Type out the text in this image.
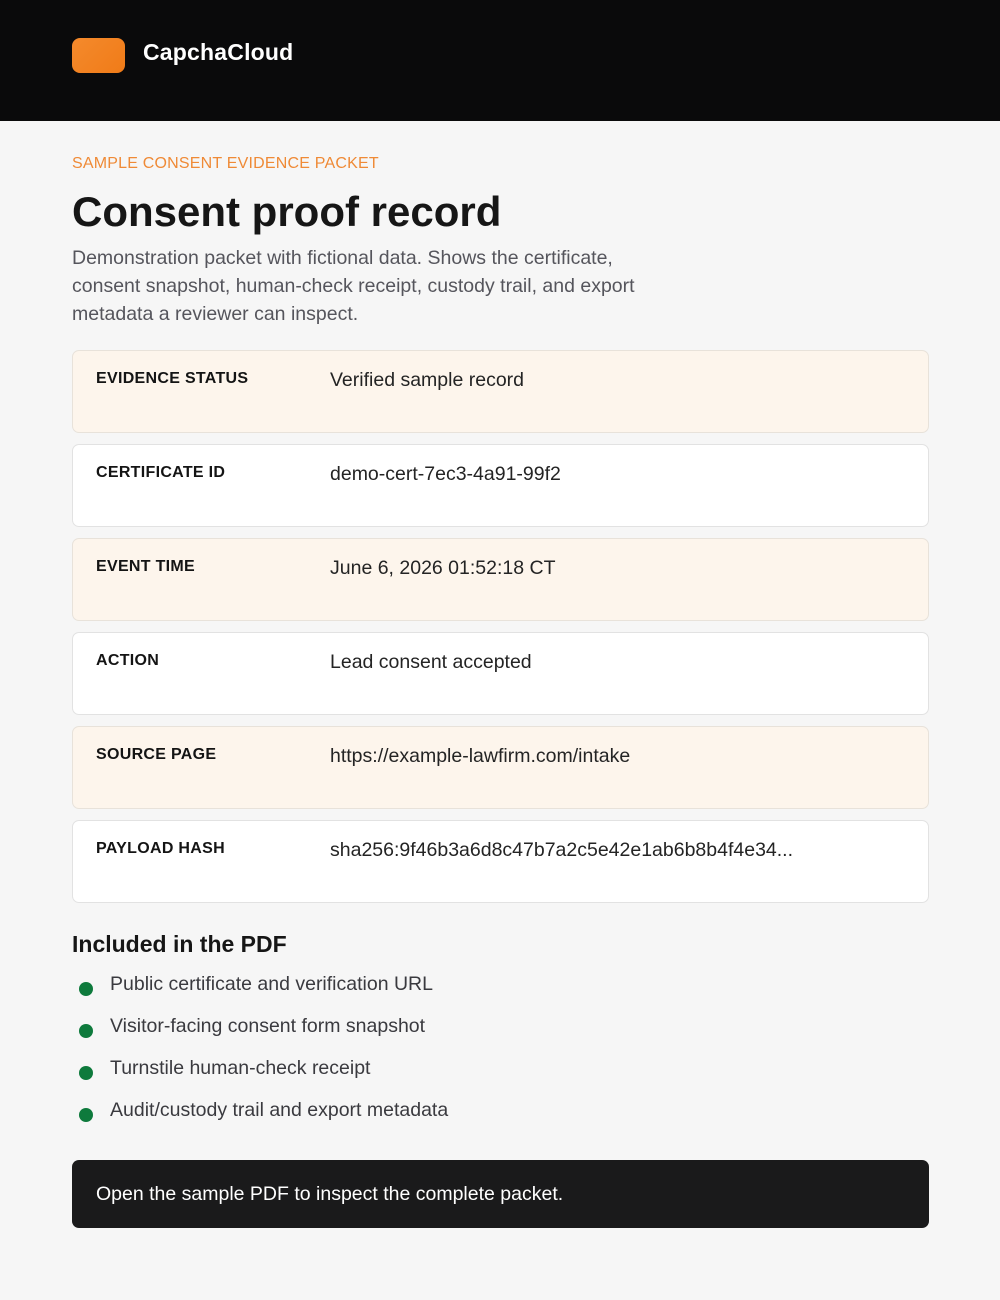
CapchaCloud
SAMPLE CONSENT EVIDENCE PACKET
Consent proof record

Demonstration packet with fictional data. Shows the certificate, consent snapshot, human-check receipt, custody trail, and export metadata a reviewer can inspect.

EVIDENCE STATUS	Verified sample record
CERTIFICATE ID	demo-cert-7ec3-4a91-99f2
EVENT TIME	June 6, 2026 01:52:18 CT
ACTION	Lead consent accepted
SOURCE PAGE	https://example-lawfirm.com/intake
PAYLOAD HASH	sha256:9f46b3a6d8c47b7a2c5e42e1ab6b8b4f4e34...
Included in the PDF
Public certificate and verification URL
Visitor-facing consent form snapshot
Turnstile human-check receipt
Audit/custody trail and export metadata
Open the sample PDF to inspect the complete packet.
